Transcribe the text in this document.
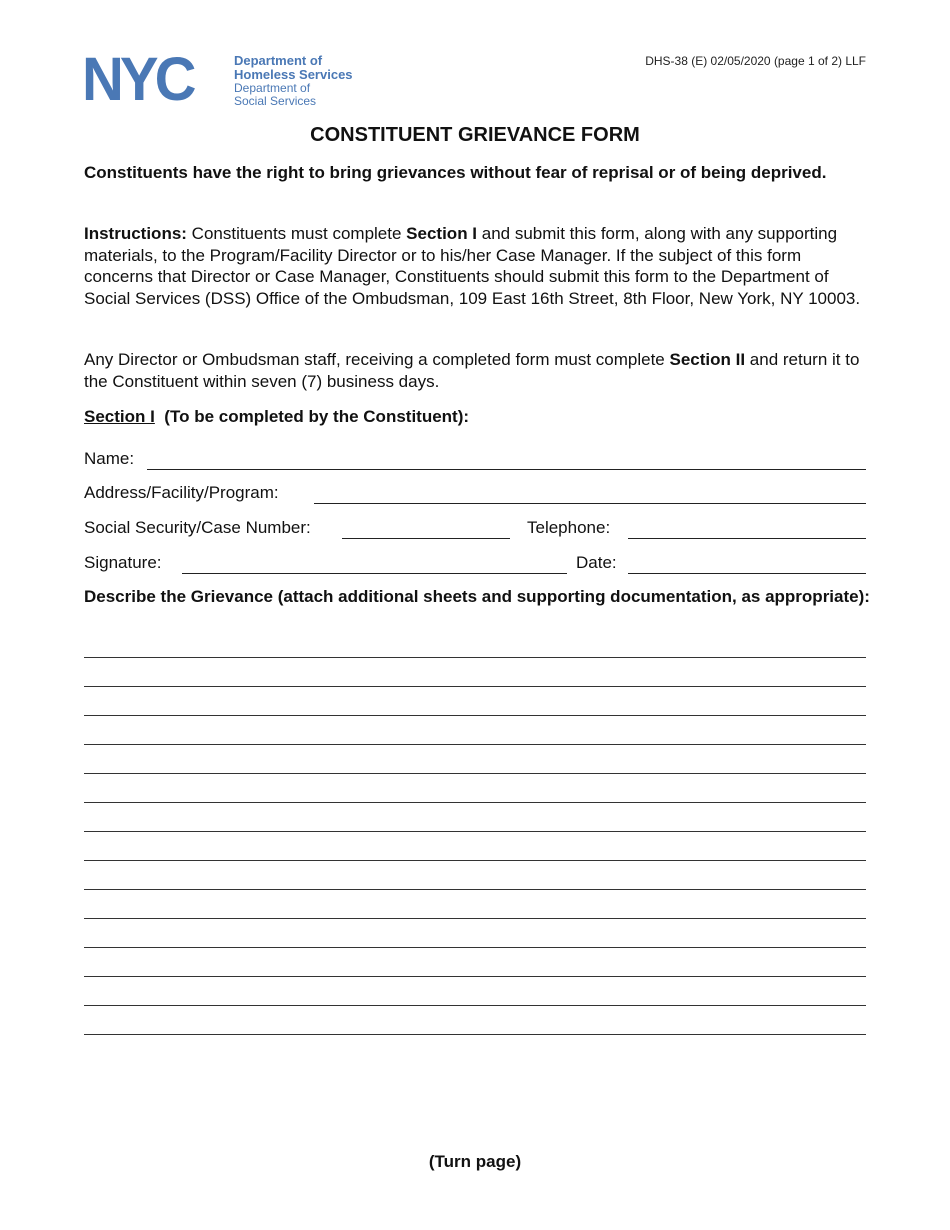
NYC	Department of
Homeless Services
Department of
Social Services
DHS-38 (E) 02/05/2020 (page 1 of 2) LLF
CONSTITUENT GRIEVANCE FORM
Constituents have the right to bring grievances without fear of reprisal or of being deprived.
Instructions: Constituents must complete Section I and submit this form, along with any supporting materials, to the Program/Facility Director or to his/her Case Manager. If the subject of this form concerns that Director or Case Manager, Constituents should submit this form to the Department of Social Services (DSS) Office of the Ombudsman, 109 East 16th Street, 8th Floor, New York, NY 10003.
Any Director or Ombudsman staff, receiving a completed form must complete Section II and return it to the Constituent within seven (7) business days.
Section I  (To be completed by the Constituent):
Name:
Address/Facility/Program:
Social Security/Case Number:	Telephone:
Signature:	Date:
Describe the Grievance (attach additional sheets and supporting documentation, as appropriate):
(Turn page)
